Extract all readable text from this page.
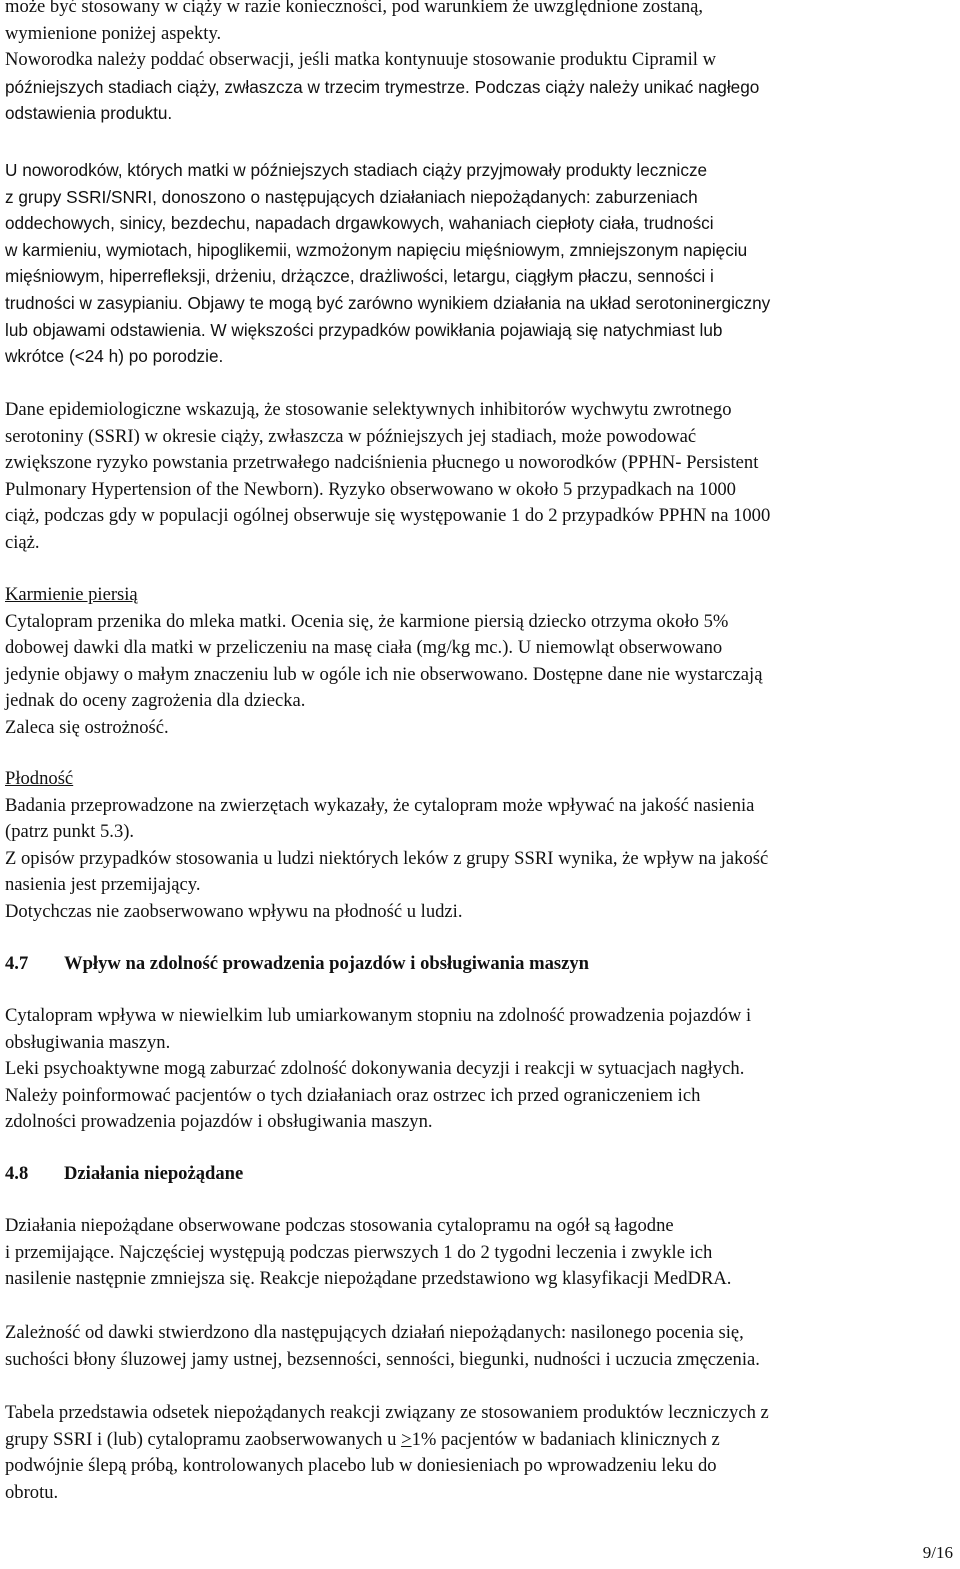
może być stosowany w ciąży w razie konieczności, pod warunkiem że uwzględnione zostaną,
wymienione poniżej aspekty.
Noworodka należy poddać obserwacji, jeśli matka kontynuuje stosowanie produktu Cipramil w
późniejszych stadiach ciąży, zwłaszcza w trzecim trymestrze. Podczas ciąży należy unikać nagłego
odstawienia produktu.
U noworodków, których matki w późniejszych stadiach ciąży przyjmowały produkty lecznicze
z grupy SSRI/SNRI, donoszono o następujących działaniach niepożądanych: zaburzeniach
oddechowych, sinicy, bezdechu, napadach drgawkowych, wahaniach ciepłoty ciała, trudności
w karmieniu, wymiotach, hipoglikemii, wzmożonym napięciu mięśniowym, zmniejszonym napięciu
mięśniowym, hiperrefleksji, drżeniu, drżączce, drażliwości, letargu, ciągłym płaczu, senności i
trudności w zasypianiu. Objawy te mogą być zarówno wynikiem działania na układ serotoninergiczny
lub objawami odstawienia. W większości przypadków powikłania pojawiają się natychmiast lub
wkrótce (<24 h) po porodzie.
Dane epidemiologiczne wskazują, że stosowanie selektywnych inhibitorów wychwytu zwrotnego
serotoniny (SSRI) w okresie ciąży, zwłaszcza w późniejszych jej stadiach, może powodować
zwiększone ryzyko powstania przetrwałego nadciśnienia płucnego u noworodków (PPHN- Persistent
Pulmonary Hypertension of the Newborn). Ryzyko obserwowano w około 5 przypadkach na 1000
ciąż, podczas gdy w populacji ogólnej obserwuje się występowanie 1 do 2 przypadków PPHN na 1000
ciąż.
Karmienie piersią
Cytalopram przenika do mleka matki. Ocenia się, że karmione piersią dziecko otrzyma około 5%
dobowej dawki dla matki w przeliczeniu na masę ciała (mg/kg mc.). U niemowląt obserwowano
jedynie objawy o małym znaczeniu lub w ogóle ich nie obserwowano. Dostępne dane nie wystarczają
jednak do oceny zagrożenia dla dziecka.
Zaleca się ostrożność.
Płodność
Badania przeprowadzone na zwierzętach wykazały, że cytalopram może wpływać na jakość nasienia
(patrz punkt 5.3).
Z opisów przypadków stosowania u ludzi niektórych leków z grupy SSRI wynika, że wpływ na jakość
nasienia jest przemijający.
Dotychczas nie zaobserwowano wpływu na płodność u ludzi.
4.7	Wpływ na zdolność prowadzenia pojazdów i obsługiwania maszyn
Cytalopram wpływa w niewielkim lub umiarkowanym stopniu na zdolność prowadzenia pojazdów i
obsługiwania maszyn.
Leki psychoaktywne mogą zaburzać zdolność dokonywania decyzji i reakcji w sytuacjach nagłych.
Należy poinformować pacjentów o tych działaniach oraz ostrzec ich przed ograniczeniem ich
zdolności prowadzenia pojazdów i obsługiwania maszyn.
4.8	Działania niepożądane
Działania niepożądane obserwowane podczas stosowania cytalopramu na ogół są łagodne
i przemijające. Najczęściej występują podczas pierwszych 1 do 2 tygodni leczenia i zwykle ich
nasilenie następnie zmniejsza się. Reakcje niepożądane przedstawiono wg klasyfikacji MedDRA.
Zależność od dawki stwierdzono dla następujących działań niepożądanych: nasilonego pocenia się,
suchości błony śluzowej jamy ustnej, bezsenności, senności, biegunki, nudności i uczucia zmęczenia.
Tabela przedstawia odsetek niepożądanych reakcji związany ze stosowaniem produktów leczniczych z
grupy SSRI i (lub) cytalopramu zaobserwowanych u ≥1% pacjentów w badaniach klinicznych z
podwójnie ślepą próbą, kontrolowanych placebo lub w doniesieniach po wprowadzeniu leku do
obrotu.
9/16
